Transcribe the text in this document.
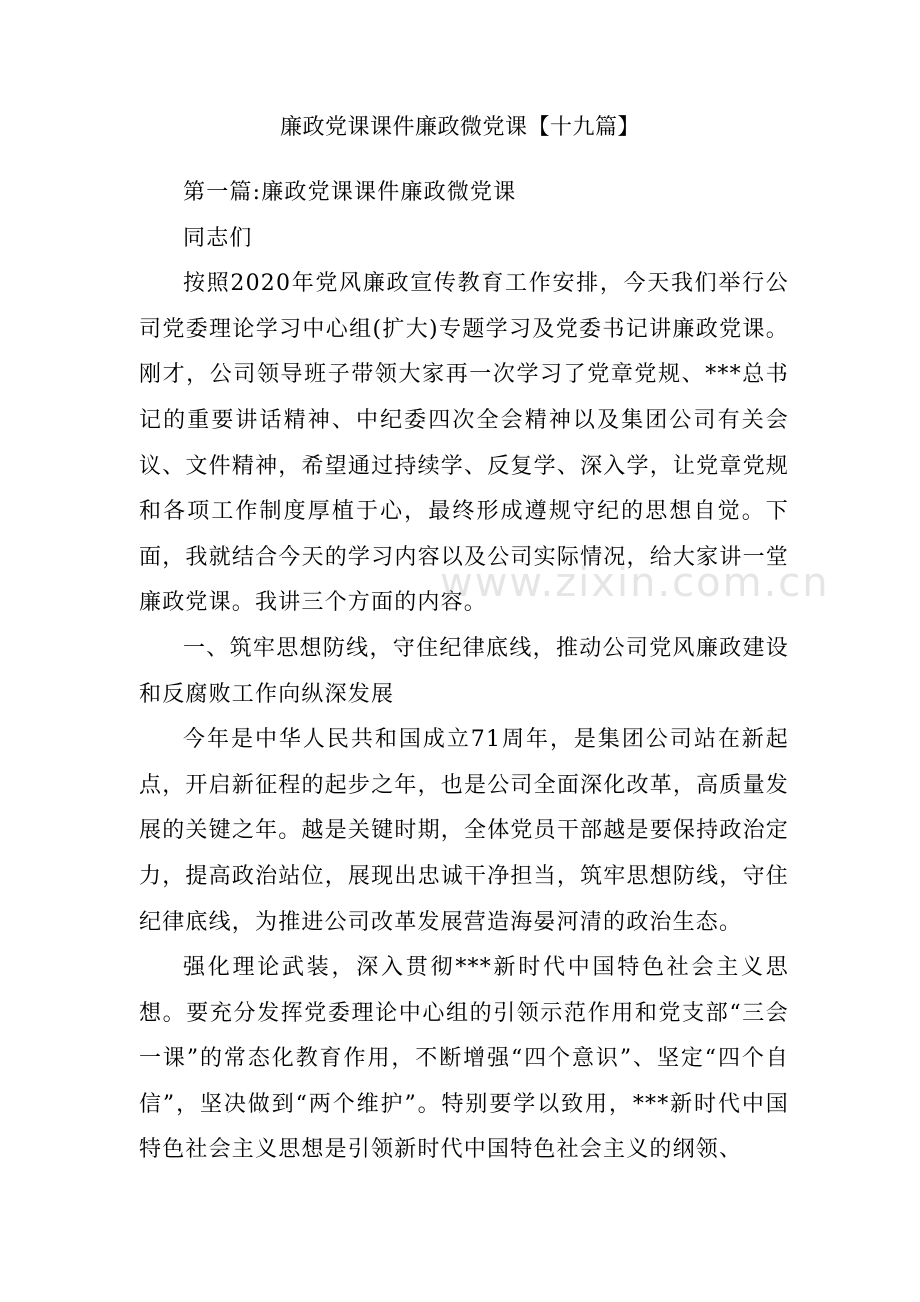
廉政党课课件廉政微党课【十九篇】

第一篇:廉政党课课件廉政微党课

同志们

按照2020年党风廉政宣传教育工作安排，今天我们举行公司党委理论学习中心组(扩大)专题学习及党委书记讲廉政党课。刚才，公司领导班子带领大家再一次学习了党章党规、***总书记的重要讲话精神、中纪委四次全会精神以及集团公司有关会议、文件精神，希望通过持续学、反复学、深入学，让党章党规和各项工作制度厚植于心，最终形成遵规守纪的思想自觉。下面，我就结合今天的学习内容以及公司实际情况，给大家讲一堂廉政党课。我讲三个方面的内容。

一、筑牢思想防线，守住纪律底线，推动公司党风廉政建设和反腐败工作向纵深发展

今年是中华人民共和国成立71周年，是集团公司站在新起点，开启新征程的起步之年，也是公司全面深化改革，高质量发展的关键之年。越是关键时期，全体党员干部越是要保持政治定力，提高政治站位，展现出忠诚干净担当，筑牢思想防线，守住纪律底线，为推进公司改革发展营造海晏河清的政治生态。

强化理论武装，深入贯彻***新时代中国特色社会主义思想。要充分发挥党委理论中心组的引领示范作用和党支部“三会一课”的常态化教育作用，不断增强“四个意识”、坚定“四个自信”，坚决做到“两个维护”。特别要学以致用，***新时代中国特色社会主义思想是引领新时代中国特色社会主义的纲领、

www.zixin.com.cn
